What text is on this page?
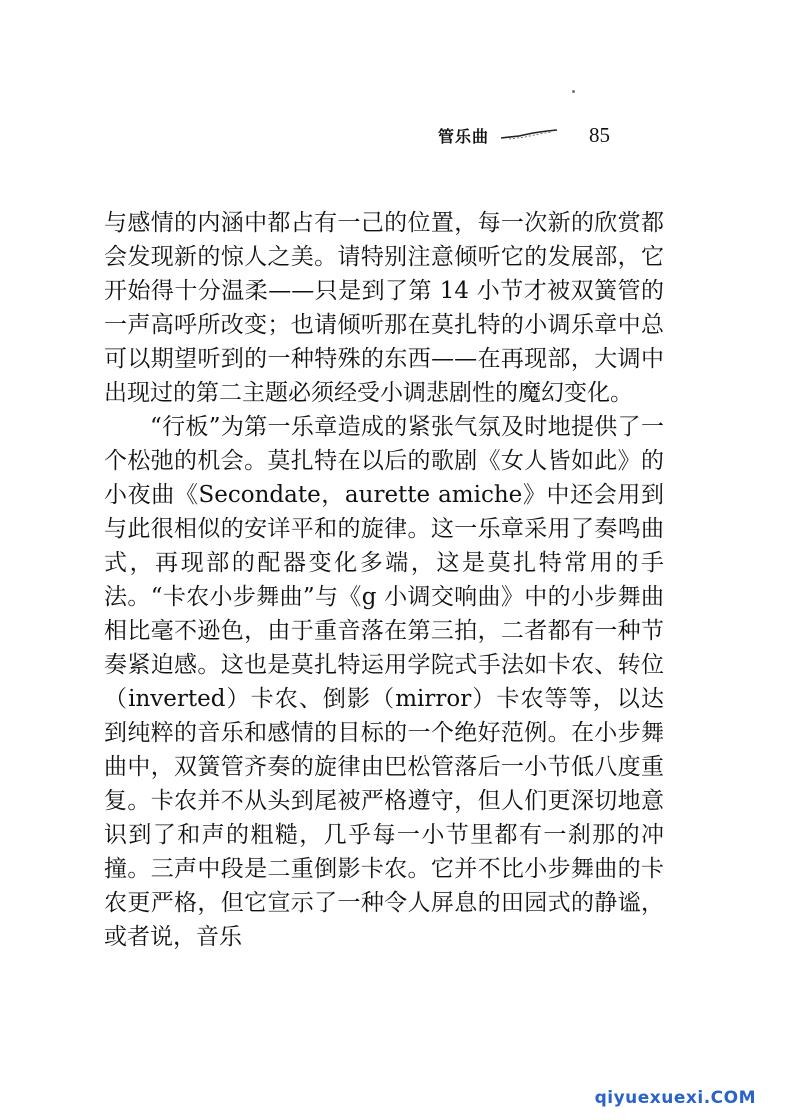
管乐曲	85

与感情的内涵中都占有一己的位置，每一次新的欣赏都会发现新的惊人之美。请特别注意倾听它的发展部，它开始得十分温柔——只是到了第 14 小节才被双簧管的一声高呼所改变；也请倾听那在莫扎特的小调乐章中总可以期望听到的一种特殊的东西——在再现部，大调中出现过的第二主题必须经受小调悲剧性的魔幻变化。

“行板”为第一乐章造成的紧张气氛及时地提供了一个松弛的机会。莫扎特在以后的歌剧《女人皆如此》的小夜曲《Secondate，aurette amiche》中还会用到与此很相似的安详平和的旋律。这一乐章采用了奏鸣曲式，再现部的配器变化多端，这是莫扎特常用的手法。“卡农小步舞曲”与《g 小调交响曲》中的小步舞曲相比毫不逊色，由于重音落在第三拍，二者都有一种节奏紧迫感。这也是莫扎特运用学院式手法如卡农、转位（inverted）卡农、倒影（mirror）卡农等等，以达到纯粹的音乐和感情的目标的一个绝好范例。在小步舞曲中，双簧管齐奏的旋律由巴松管落后一小节低八度重复。卡农并不从头到尾被严格遵守，但人们更深切地意识到了和声的粗糙，几乎每一小节里都有一刹那的冲撞。三声中段是二重倒影卡农。它并不比小步舞曲的卡农更严格，但它宣示了一种令人屏息的田园式的静谧，或者说，音乐

qiyuexuexi.COM
